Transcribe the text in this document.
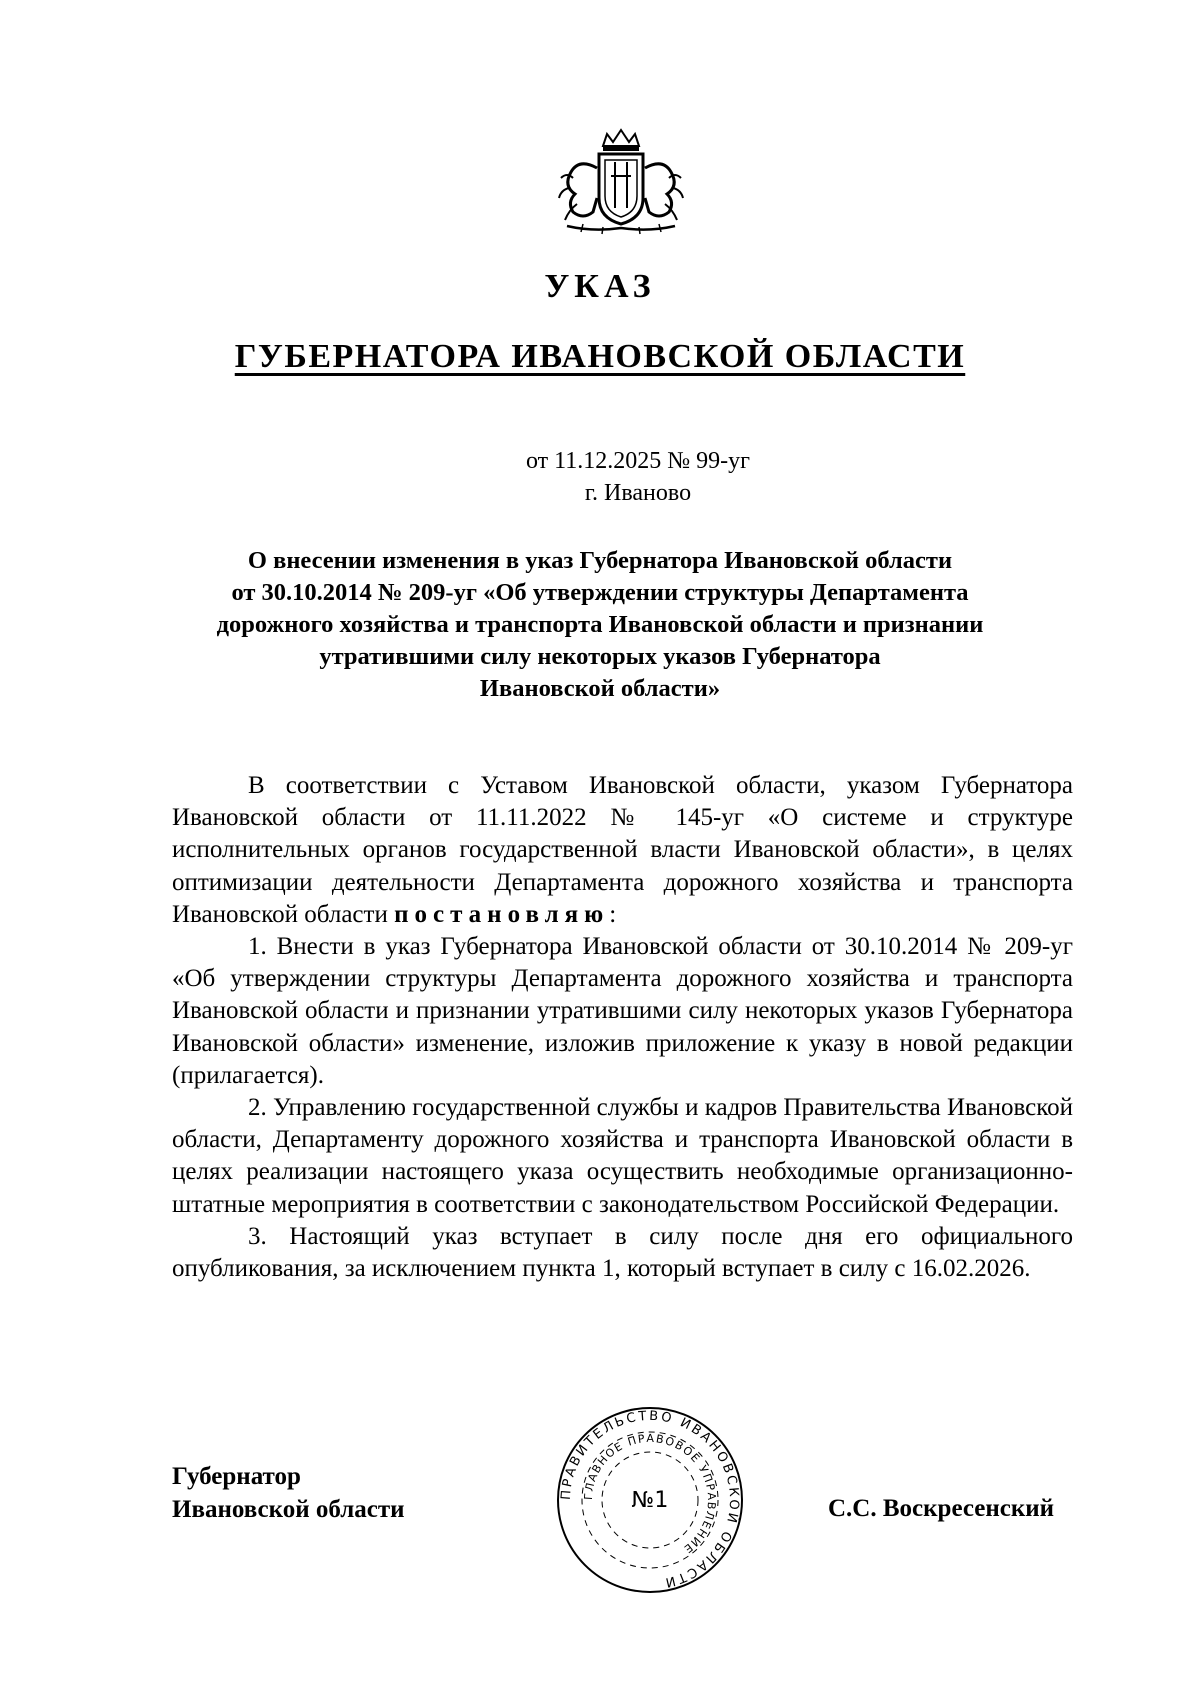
УКАЗ
ГУБЕРНАТОРА ИВАНОВСКОЙ ОБЛАСТИ
от 11.12.2025 № 99-уг
г. Иваново
О внесении изменения в указ Губернатора Ивановской области
от 30.10.2014 № 209-уг «Об утверждении структуры Департамента
дорожного хозяйства и транспорта Ивановской области и признании
утратившими силу некоторых указов Губернатора
Ивановской области»

В соответствии с Уставом Ивановской области, указом Губернатора Ивановской области от 11.11.2022 № 145-уг «О системе и структуре исполнительных органов государственной власти Ивановской области», в целях оптимизации деятельности Департамента дорожного хозяйства и транспорта Ивановской области постановляю:

1. Внести в указ Губернатора Ивановской области от 30.10.2014 № 209-уг «Об утверждении структуры Департамента дорожного хозяйства и транспорта Ивановской области и признании утратившими силу некоторых указов Губернатора Ивановской области» изменение, изложив приложение к указу в новой редакции (прилагается).

2. Управлению государственной службы и кадров Правительства Ивановской области, Департаменту дорожного хозяйства и транспорта Ивановской области в целях реализации настоящего указа осуществить необходимые организационно-штатные мероприятия в соответствии с законодательством Российской Федерации.

3. Настоящий указ вступает в силу после дня его официального опубликования, за исключением пункта 1, который вступает в силу с 16.02.2026.

Губернатор
Ивановской области
ПРАВИТЕЛЬСТВО ИВАНОВСКОЙ ОБЛАСТИ
ГЛАВНОЕ ПРАВОВОЕ УПРАВЛЕНИЕ
№1	С.С. Воскресенский
